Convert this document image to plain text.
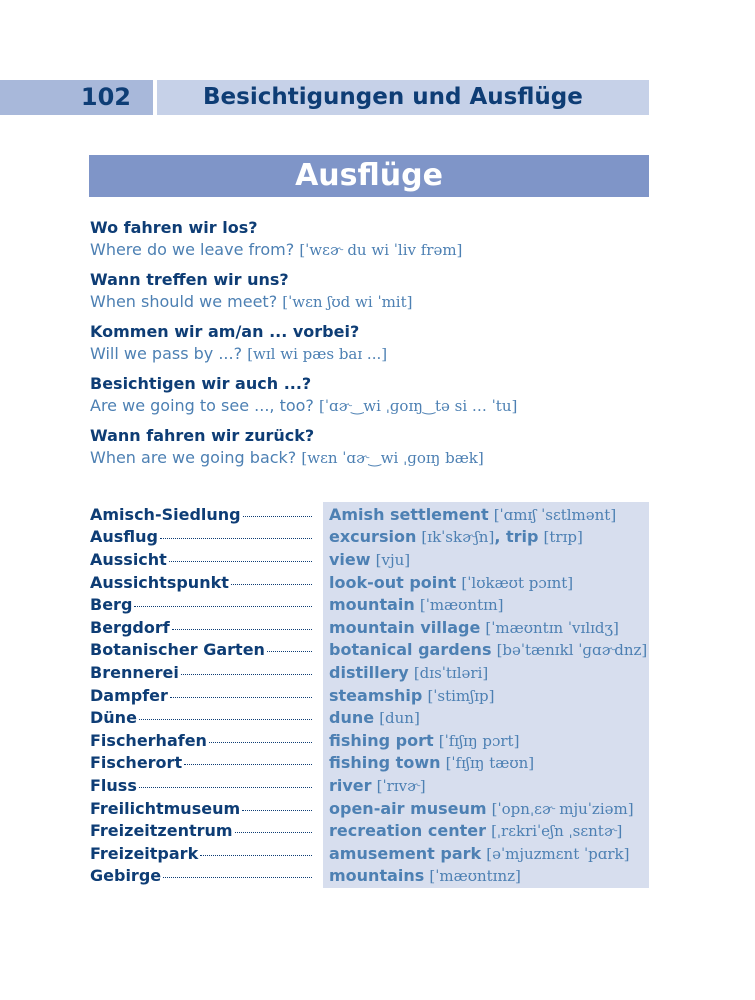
102	Besichtigungen und Ausflüge
Ausflüge
Wo fahren wir los?
Where do we leave from? [ˈwɛɚ du wi ˈliv frəm]
Wann treffen wir uns?
When should we meet? [ˈwɛn ʃʊd wi ˈmit]
Kommen wir am/an ... vorbei?
Will we pass by ...? [wɪl wi pæs baɪ ...]
Besichtigen wir auch ...?
Are we going to see ..., too? [ˈɑɚ‿wi ˌɡoɪŋ‿tə si … ˈtu]
Wann fahren wir zurück?
When are we going back? [wɛn ˈɑɚ‿wi ˌɡoɪŋ bæk]
Amisch-Siedlung	Amish settlement [ˈɑmɪʃ ˈsɛtlmənt]
Ausflug	excursion [ɪkˈskɚʃn], trip [trɪp]
Aussicht	view [vju]
Aussichtspunkt	look-out point [ˈlʊkæʊt pɔɪnt]
Berg	mountain [ˈmæʊntɪn]
Bergdorf	mountain village [ˈmæʊntɪn ˈvɪlɪdʒ]
Botanischer Garten	botanical gardens [bəˈtænɪkl ˈɡɑɚdnz]
Brennerei	distillery [dɪsˈtɪləri]
Dampfer	steamship [ˈstimʃɪp]
Düne	dune [dun]
Fischerhafen	fishing port [ˈfɪʃɪŋ pɔrt]
Fischerort	fishing town [ˈfɪʃɪŋ tæʊn]
Fluss	river [ˈrɪvɚ]
Freilichtmuseum	open-air museum [ˈopnˌɛɚ mjuˈziəm]
Freizeitzentrum	recreation center [ˌrɛkriˈeʃn ˌsɛntɚ]
Freizeitpark	amusement park [əˈmjuzmɛnt ˈpɑrk]
Gebirge	mountains [ˈmæʊntɪnz]
